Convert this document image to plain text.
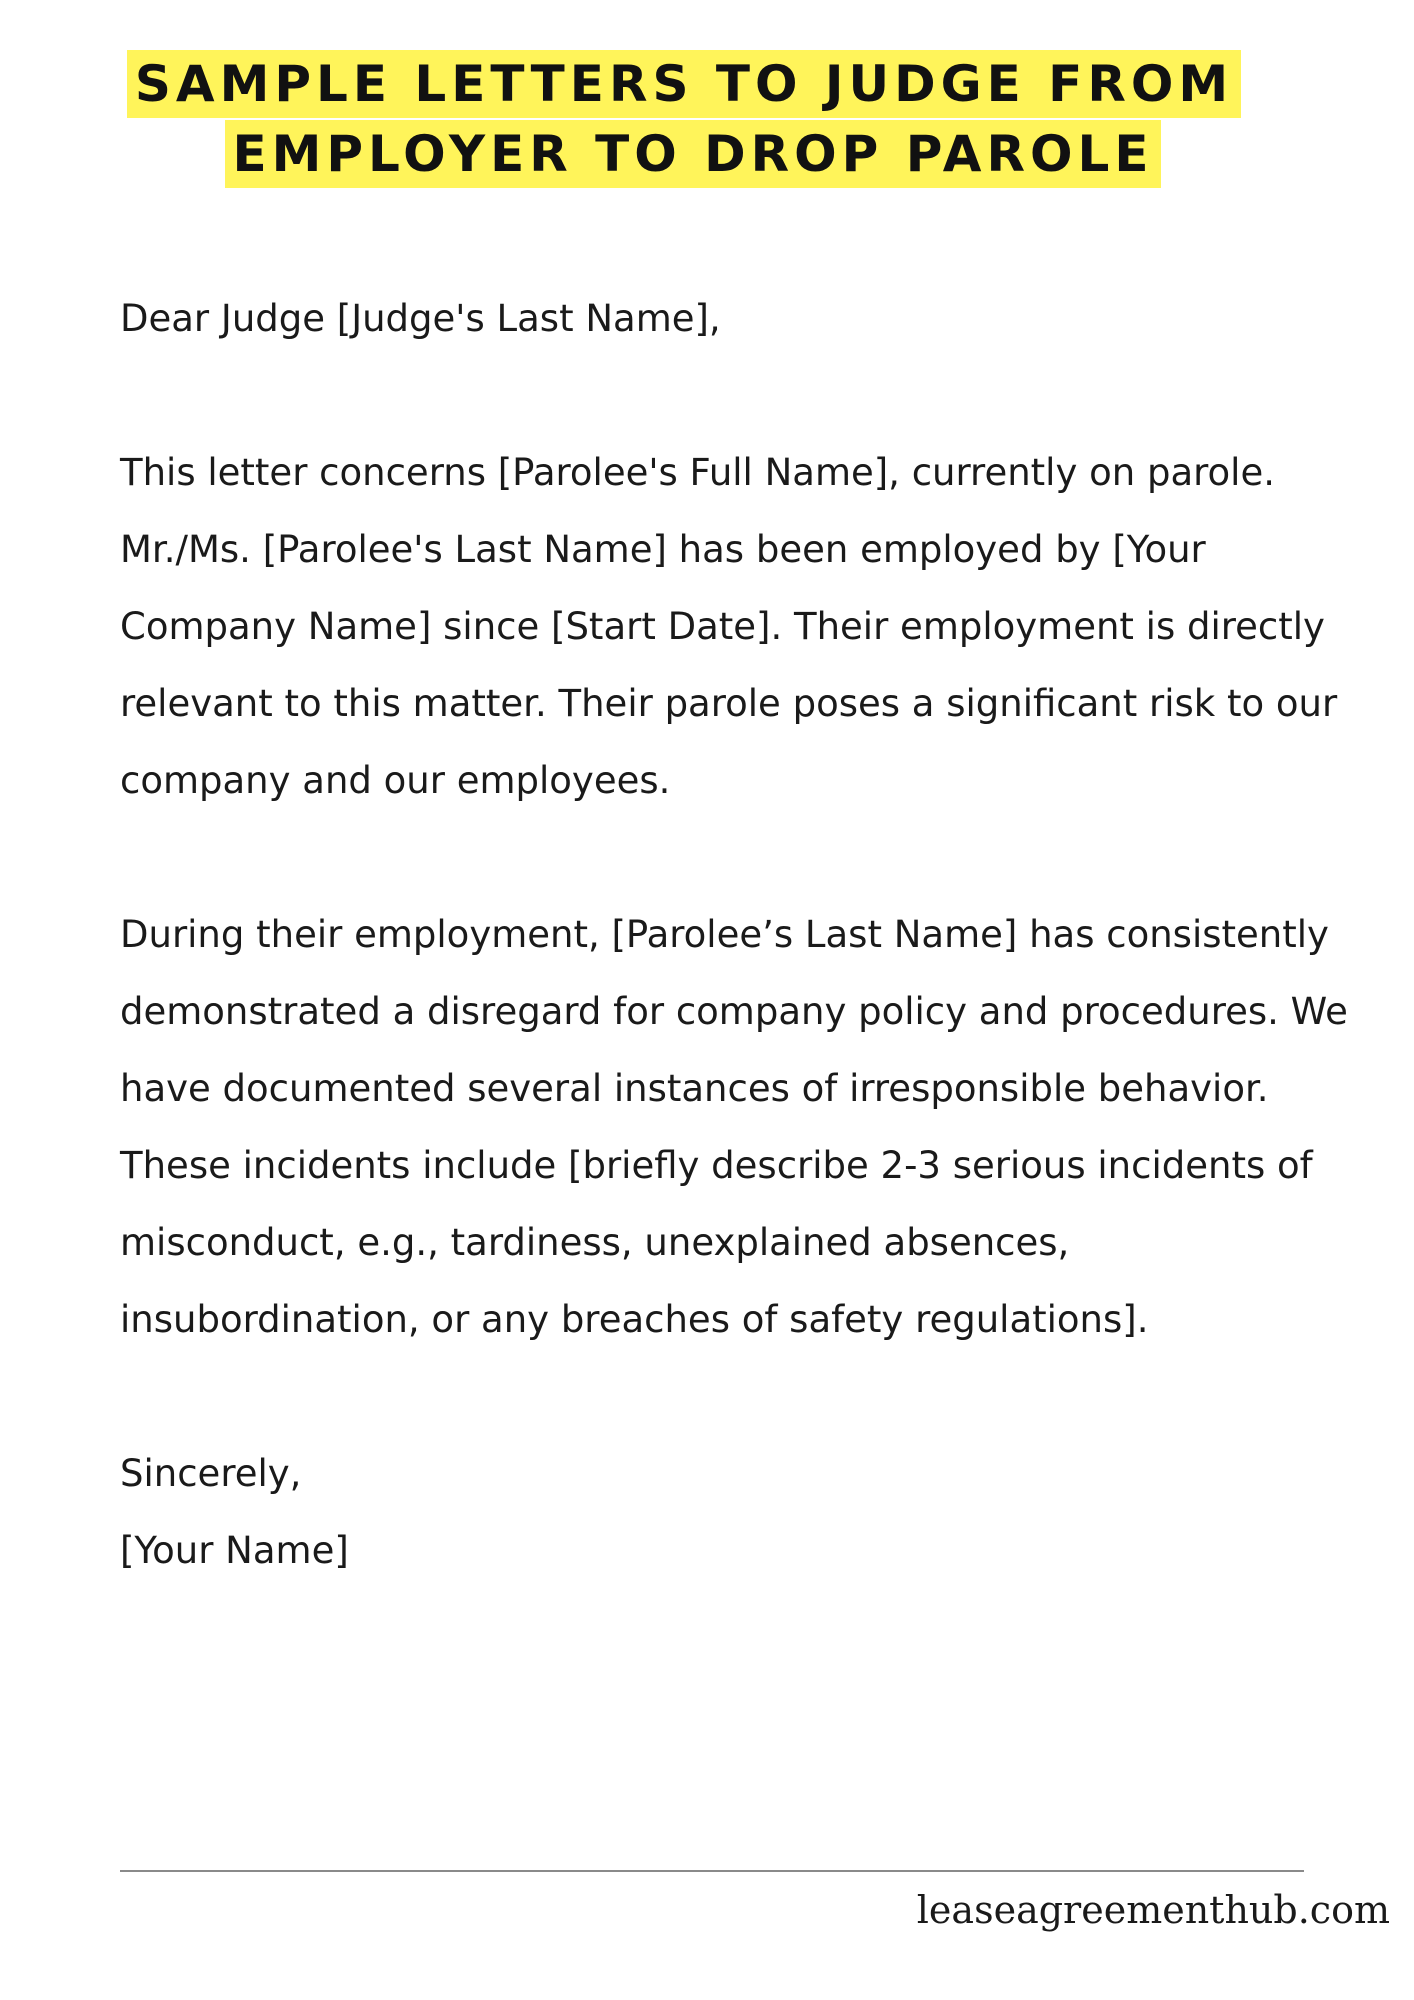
SAMPLE LETTERS TO JUDGE FROM
EMPLOYER TO DROP PAROLE

Dear Judge [Judge's Last Name],

This letter concerns [Parolee's Full Name], currently on parole. Mr./Ms. [Parolee's Last Name] has been employed by [Your Company Name] since [Start Date]. Their employment is directly relevant to this matter. Their parole poses a significant risk to our company and our employees.

During their employment, [Parolee’s Last Name] has consistently demonstrated a disregard for company policy and procedures. We have documented several instances of irresponsible behavior. These incidents include [briefly describe 2-3 serious incidents of misconduct, e.g., tardiness, unexplained absences, insubordination, or any breaches of safety regulations].

Sincerely,
[Your Name]

leaseagreementhub.com
